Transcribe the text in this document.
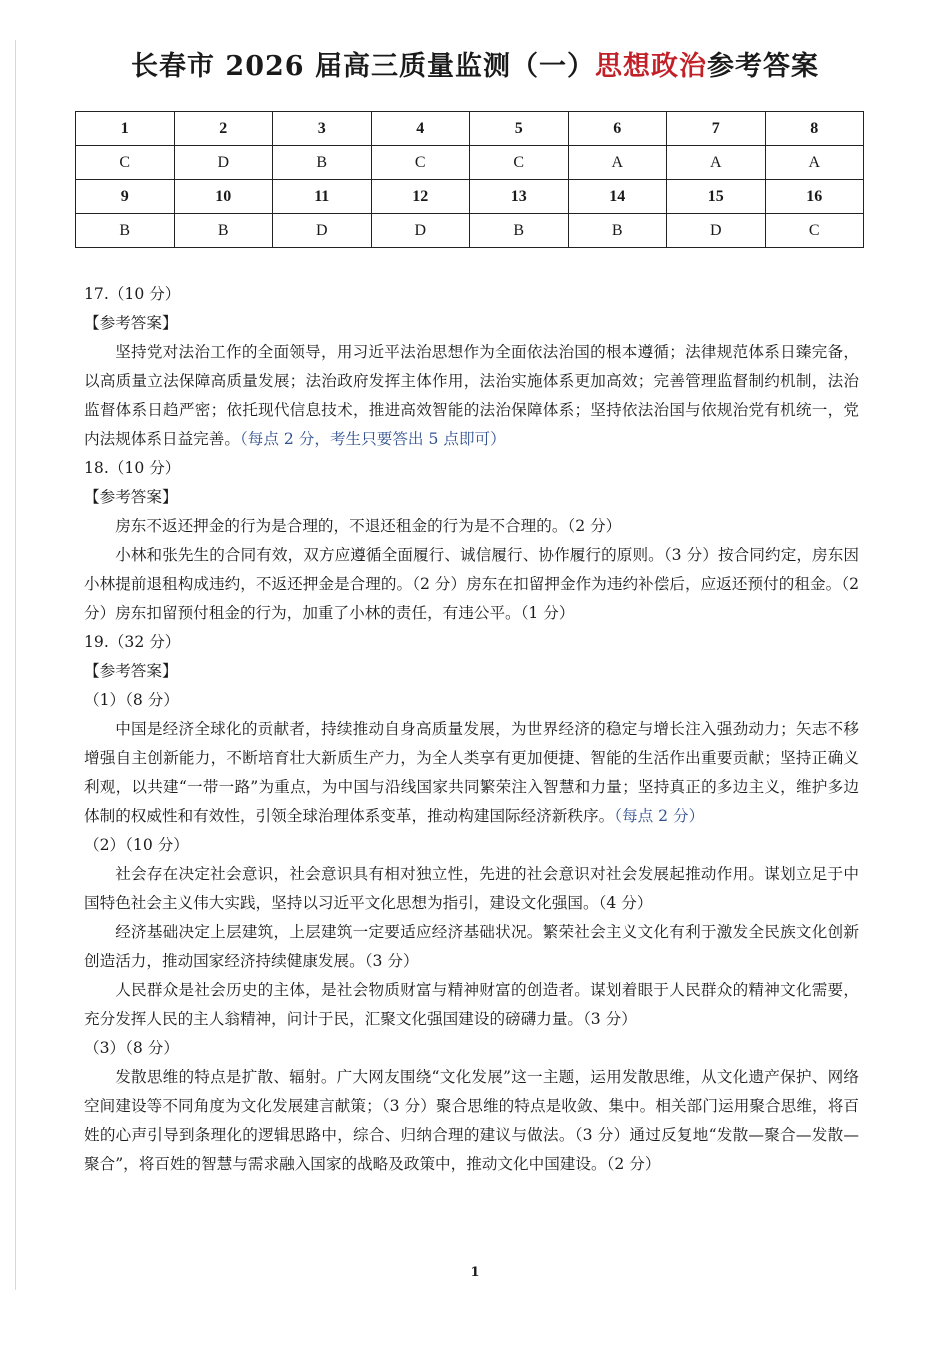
长春市 2026 届高三质量监测（一）思想政治参考答案
1	2	3	4	5	6	7	8
C	D	B	C	C	A	A	A
9	10	11	12	13	14	15	16
B	B	D	D	B	B	D	C

17.（10 分）

【参考答案】

坚持党对法治工作的全面领导，用习近平法治思想作为全面依法治国的根本遵循；法律规范体系日臻完备，以高质量立法保障高质量发展；法治政府发挥主体作用，法治实施体系更加高效；完善管理监督制约机制，法治监督体系日趋严密；依托现代信息技术，推进高效智能的法治保障体系；坚持依法治国与依规治党有机统一，党内法规体系日益完善。（每点 2 分，考生只要答出 5 点即可）

18.（10 分）

【参考答案】

房东不返还押金的行为是合理的，不退还租金的行为是不合理的。（2 分）

小林和张先生的合同有效，双方应遵循全面履行、诚信履行、协作履行的原则。（3 分）按合同约定，房东因小林提前退租构成违约，不返还押金是合理的。（2 分）房东在扣留押金作为违约补偿后，应返还预付的租金。（2 分）房东扣留预付租金的行为，加重了小林的责任，有违公平。（1 分）

19.（32 分）

【参考答案】

（1）（8 分）

中国是经济全球化的贡献者，持续推动自身高质量发展，为世界经济的稳定与增长注入强劲动力；矢志不移增强自主创新能力，不断培育壮大新质生产力，为全人类享有更加便捷、智能的生活作出重要贡献；坚持正确义利观，以共建“一带一路”为重点，为中国与沿线国家共同繁荣注入智慧和力量；坚持真正的多边主义，维护多边体制的权威性和有效性，引领全球治理体系变革，推动构建国际经济新秩序。（每点 2 分）

（2）（10 分）

社会存在决定社会意识，社会意识具有相对独立性，先进的社会意识对社会发展起推动作用。谋划立足于中国特色社会主义伟大实践，坚持以习近平文化思想为指引，建设文化强国。（4 分）

经济基础决定上层建筑，上层建筑一定要适应经济基础状况。繁荣社会主义文化有利于激发全民族文化创新创造活力，推动国家经济持续健康发展。（3 分）

人民群众是社会历史的主体，是社会物质财富与精神财富的创造者。谋划着眼于人民群众的精神文化需要，充分发挥人民的主人翁精神，问计于民，汇聚文化强国建设的磅礴力量。（3 分）

（3）（8 分）

发散思维的特点是扩散、辐射。广大网友围绕“文化发展”这一主题，运用发散思维，从文化遗产保护、网络空间建设等不同角度为文化发展建言献策；（3 分）聚合思维的特点是收敛、集中。相关部门运用聚合思维，将百姓的心声引导到条理化的逻辑思路中，综合、归纳合理的建议与做法。（3 分）通过反复地“发散—聚合—发散—聚合”，将百姓的智慧与需求融入国家的战略及政策中，推动文化中国建设。（2 分）

1
